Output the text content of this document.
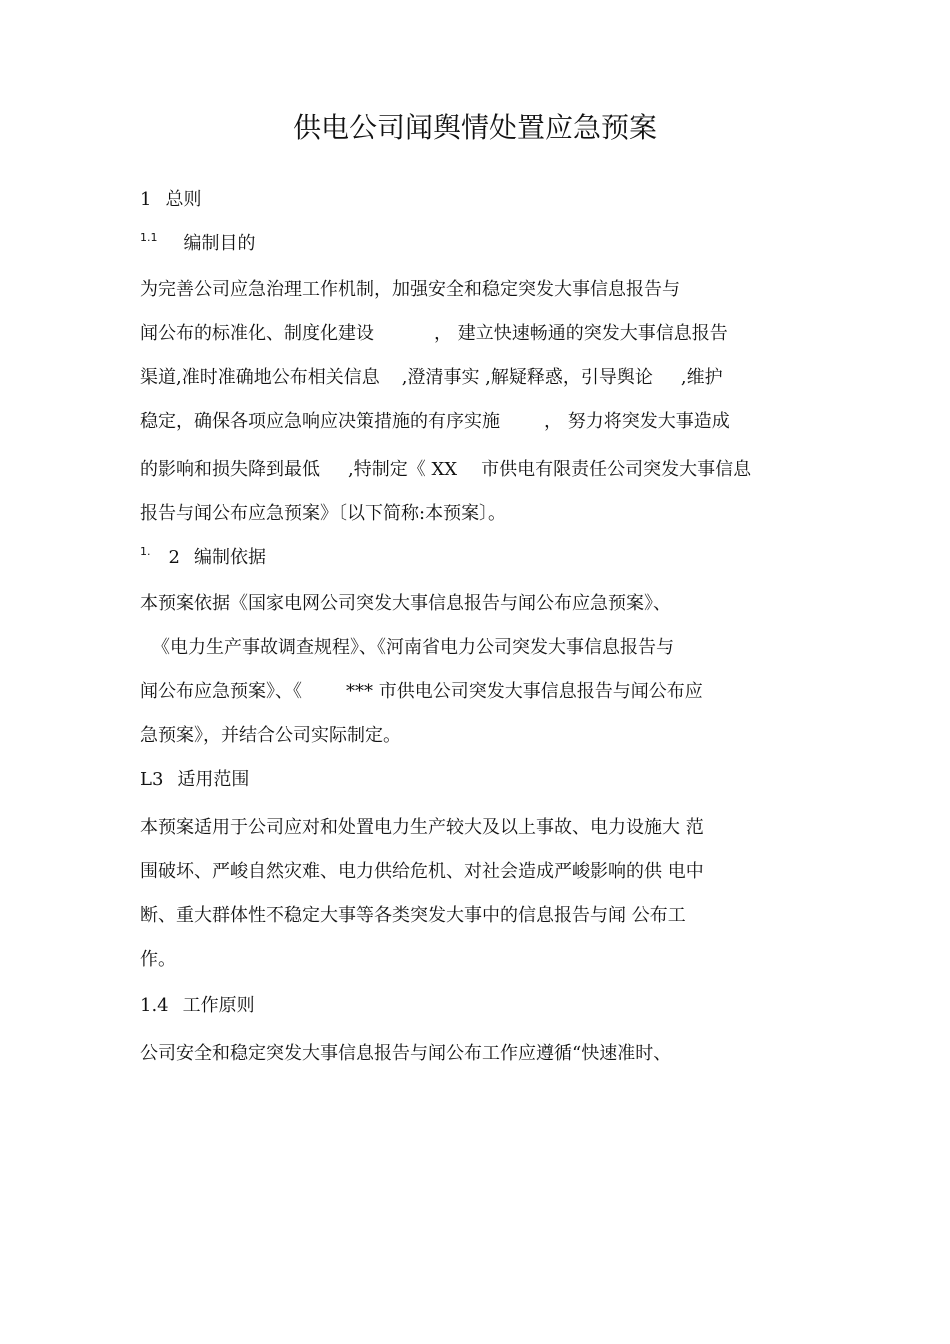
供电公司闻舆情处置应急预案
1 总则
$^{1.1}$ 编制目的
为完善公司应急治理工作机制，加强安全和稳定突发大事信息报告与
闻公布的标准化、制度化建设	， 建立快速畅通的突发大事信息报告
渠道,准时准确地公布相关信息 ,澄清事实 ,解疑释惑，引导舆论 ,维护
稳定，确保各项应急响应决策措施的有序实施 ， 努力将突发大事造成
的影响和损失降到最低 ,特制定《 XX 市供电有限责任公司突发大事信息
报告与闻公布应急预案》〔以下简称:本预案〕。
$^{1.}$ 2 编制依据
本预案依据《国家电网公司突发大事信息报告与闻公布应急预案》、
《电力生产事故调查规程》、《河南省电力公司突发大事信息报告与
闻公布应急预案》、《 *** 市供电公司突发大事信息报告与闻公布应
急预案》，并结合公司实际制定。
L3 适用范围
本预案适用于公司应对和处置电力生产较大及以上事故、电力设施大 范
围破坏、严峻自然灾难、电力供给危机、对社会造成严峻影响的供 电中
断、重大群体性不稳定大事等各类突发大事中的信息报告与闻 公布工
作。
1.4 工作原则
公司安全和稳定突发大事信息报告与闻公布工作应遵循“快速准时、
